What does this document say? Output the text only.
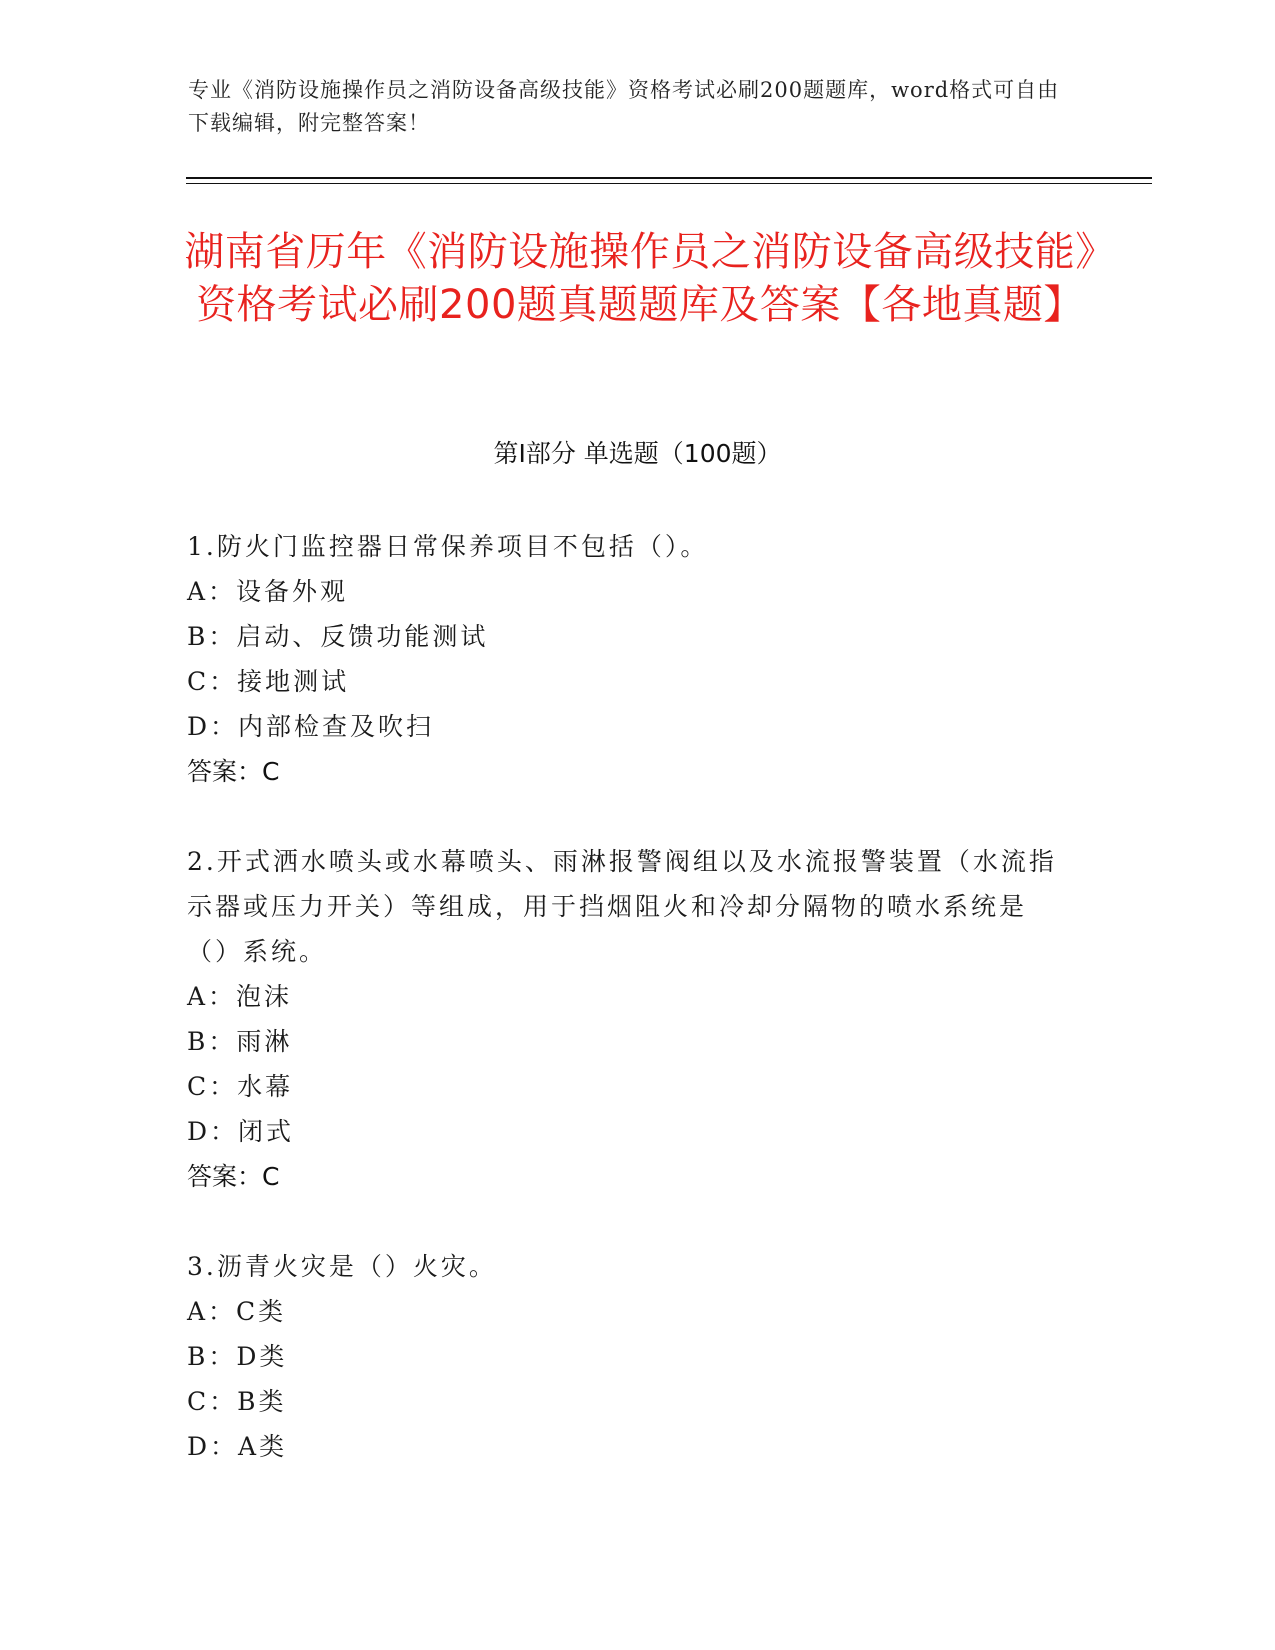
专业《消防设施操作员之消防设备高级技能》资格考试必刷200题题库，word格式可自由下载编辑，附完整答案！
湖南省历年《消防设施操作员之消防设备高级技能》资格考试必刷200题真题题库及答案【各地真题】
第Ⅰ部分 单选题（100题）

1.防火门监控器日常保养项目不包括（）。

A：设备外观

B：启动、反馈功能测试

C：接地测试

D：内部检查及吹扫

答案：C

2.开式洒水喷头或水幕喷头、雨淋报警阀组以及水流报警装置（水流指示器或压力开关）等组成，用于挡烟阻火和冷却分隔物的喷水系统是（）系统。

A：泡沫

B：雨淋

C：水幕

D：闭式

答案：C

3.沥青火灾是（）火灾。

A：C类

B：D类

C：B类

D：A类
